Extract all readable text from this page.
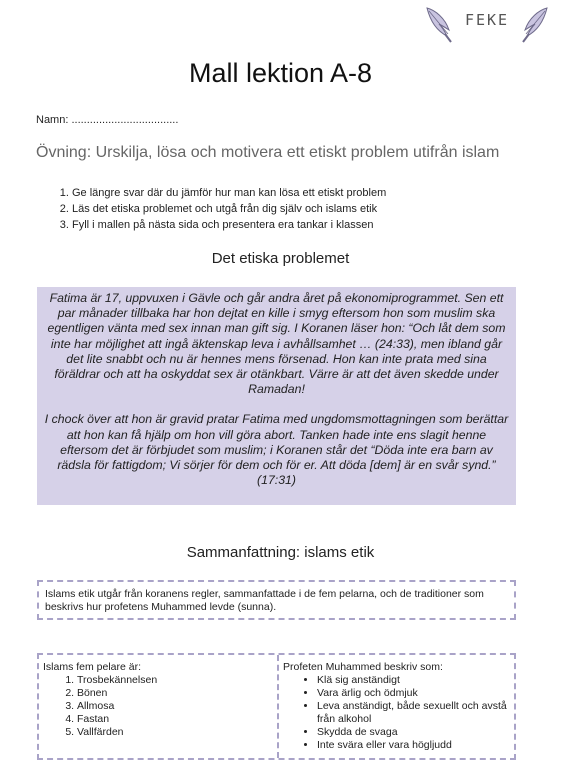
FEKE
Mall lektion A-8
Namn: ...................................
Övning: Urskilja, lösa och motivera ett etiskt problem utifrån islam
1. Ge längre svar där du jämför hur man kan lösa ett etiskt problem
2. Läs det etiska problemet och utgå från dig själv och islams etik
3. Fyll i mallen på nästa sida och presentera era tankar i klassen
Det etiska problemet

Fatima är 17, uppvuxen i Gävle och går andra året på ekonomiprogrammet. Sen ett par månader tillbaka har hon dejtat en kille i smyg eftersom hon som muslim ska egentligen vänta med sex innan man gift sig. I Koranen läser hon: “Och låt dem som inte har möjlighet att ingå äktenskap leva i avhållsamhet … (24:33), men ibland går det lite snabbt och nu är hennes mens försenad. Hon kan inte prata med sina föräldrar och att ha oskyddat sex är otänkbart. Värre är att det även skedde under Ramadan!

I chock över att hon är gravid pratar Fatima med ungdomsmottagningen som berättar att hon kan få hjälp om hon vill göra abort. Tanken hade inte ens slagit henne eftersom det är förbjudet som muslim; i Koranen står det “Döda inte era barn av rädsla för fattigdom; Vi sörjer för dem och för er. Att döda [dem] är en svår synd.” (17:31)

Sammanfattning: islams etik
Islams etik utgår från koranens regler, sammanfattade i de fem pelarna, och de traditioner som beskrivs hur profetens Muhammed levde (sunna).
Islams fem pelare är:
1. Trosbekännelsen
2. Bönen
3. Allmosa
4. Fastan
5. Vallfärden
Profeten Muhammed beskriv som:
• Klä sig anständigt
• Vara ärlig och ödmjuk
• Leva anständigt, både sexuellt och avstå från alkohol
• Skydda de svaga
• Inte svära eller vara högljudd
